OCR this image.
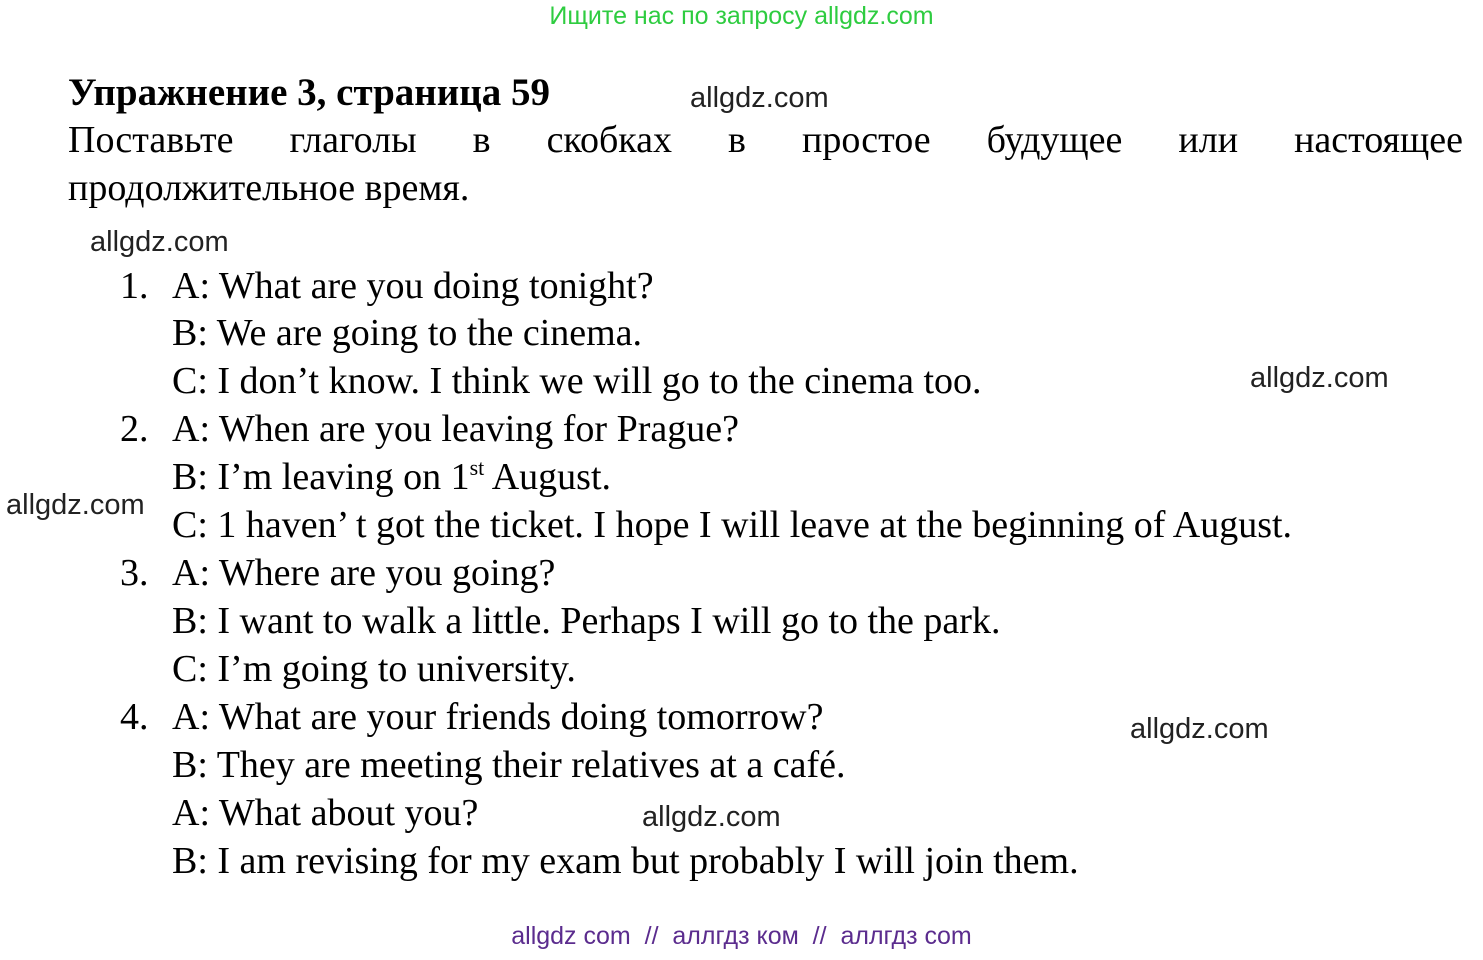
Ищите нас по запросу allgdz.com
Упражнение 3, страница 59	allgdz.com
Поставьте глаголы в скобках в простое будущее или настоящее
продолжительное время.
allgdz.com
1. A: What are you doing tonight?
B: We are going to the cinema.
C: I don’t know. I think we will go to the cinema too.	allgdz.com
2. A: When are you leaving for Prague?
B: I’m leaving on 1st August.
allgdz.com C: 1 haven’ t got the ticket. I hope I will leave at the beginning of August.
3. A: Where are you going?
B: I want to walk a little. Perhaps I will go to the park.
C: I’m going to university.
4. A: What are your friends doing tomorrow?	allgdz.com
B: They are meeting their relatives at a café.
A: What about you?	allgdz.com
B: I am revising for my exam but probably I will join them.
allgdz com  //  аллгдз ком  //  аллгдз com
